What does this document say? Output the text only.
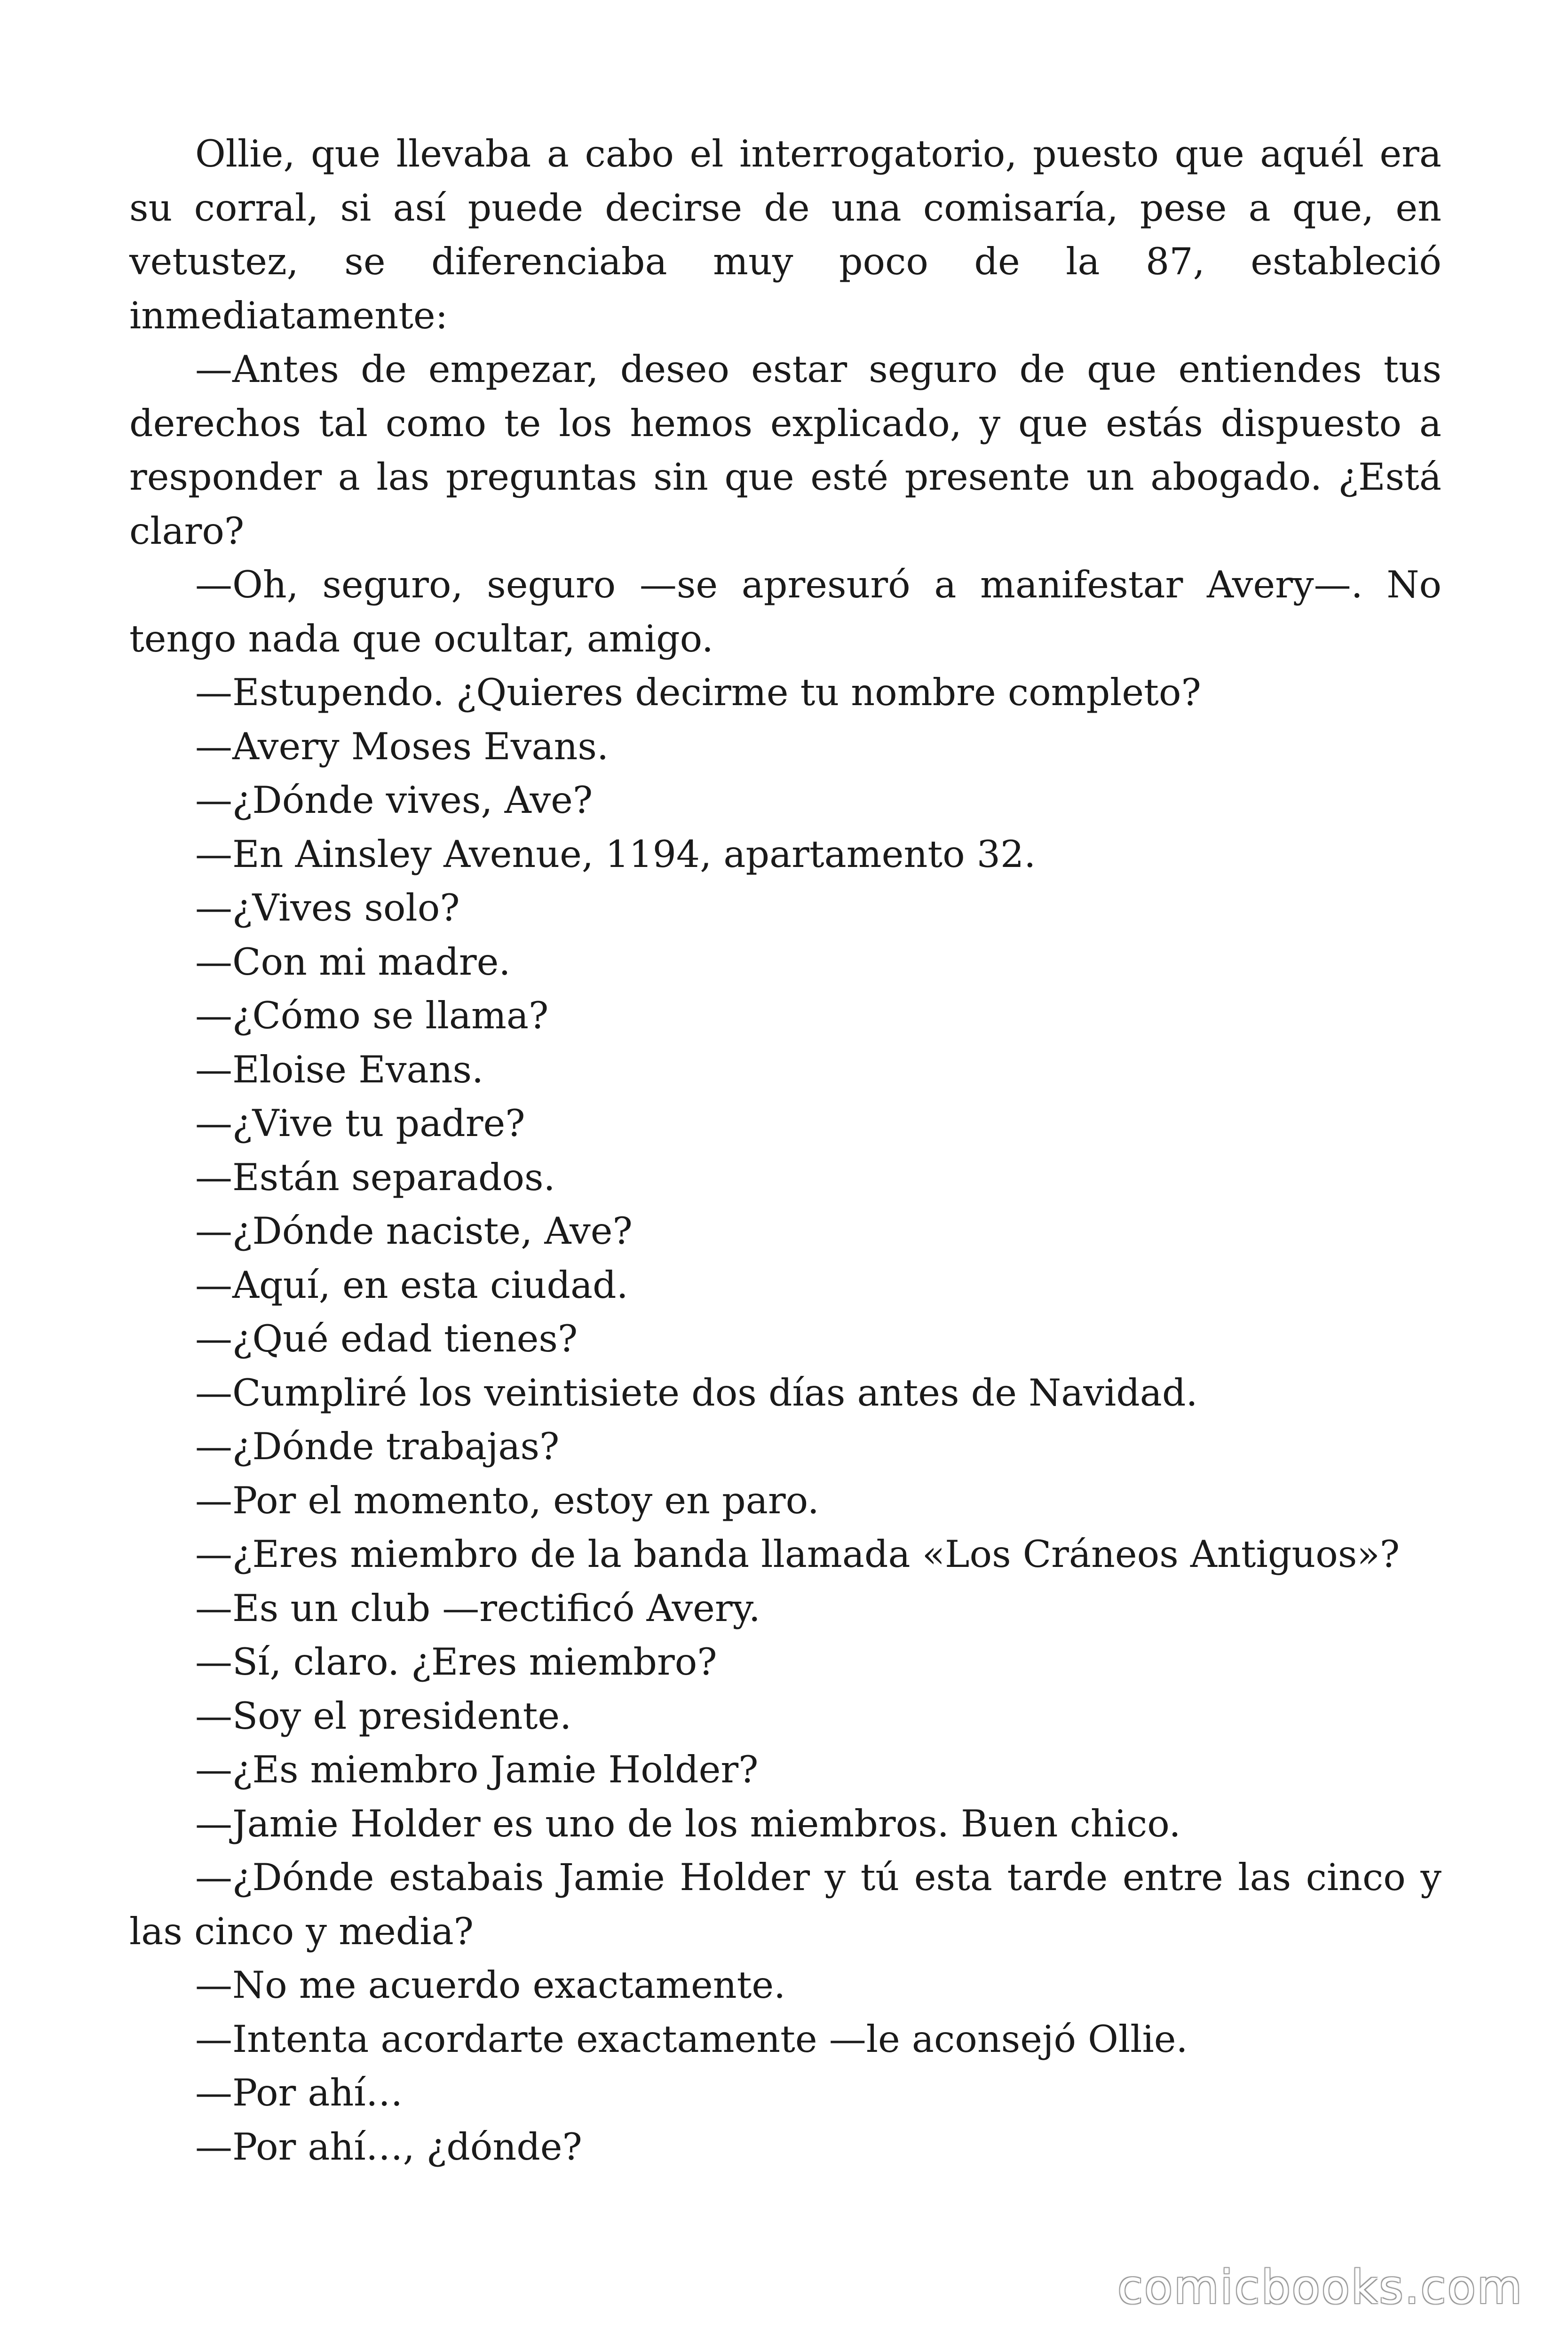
Ollie, que llevaba a cabo el interrogatorio, puesto que aquél era su corral, si así puede decirse de una comisaría, pese a que, en vetustez, se diferenciaba muy poco de la 87, estableció inmediatamente:

—Antes de empezar, deseo estar seguro de que entiendes tus derechos tal como te los hemos explicado, y que estás dispuesto a responder a las preguntas sin que esté presente un abogado. ¿Está claro?

—Oh, seguro, seguro —se apresuró a manifestar Avery—. No tengo nada que ocultar, amigo.

—Estupendo. ¿Quieres decirme tu nombre completo?

—Avery Moses Evans.

—¿Dónde vives, Ave?

—En Ainsley Avenue, 1194, apartamento 32.

—¿Vives solo?

—Con mi madre.

—¿Cómo se llama?

—Eloise Evans.

—¿Vive tu padre?

—Están separados.

—¿Dónde naciste, Ave?

—Aquí, en esta ciudad.

—¿Qué edad tienes?

—Cumpliré los veintisiete dos días antes de Navidad.

—¿Dónde trabajas?

—Por el momento, estoy en paro.

—¿Eres miembro de la banda llamada «Los Cráneos Antiguos»?

—Es un club —rectificó Avery.

—Sí, claro. ¿Eres miembro?

—Soy el presidente.

—¿Es miembro Jamie Holder?

—Jamie Holder es uno de los miembros. Buen chico.

—¿Dónde estabais Jamie Holder y tú esta tarde entre las cinco y las cinco y media?

—No me acuerdo exactamente.

—Intenta acordarte exactamente —le aconsejó Ollie.

—Por ahí…

—Por ahí…, ¿dónde?

comicbooks.com
